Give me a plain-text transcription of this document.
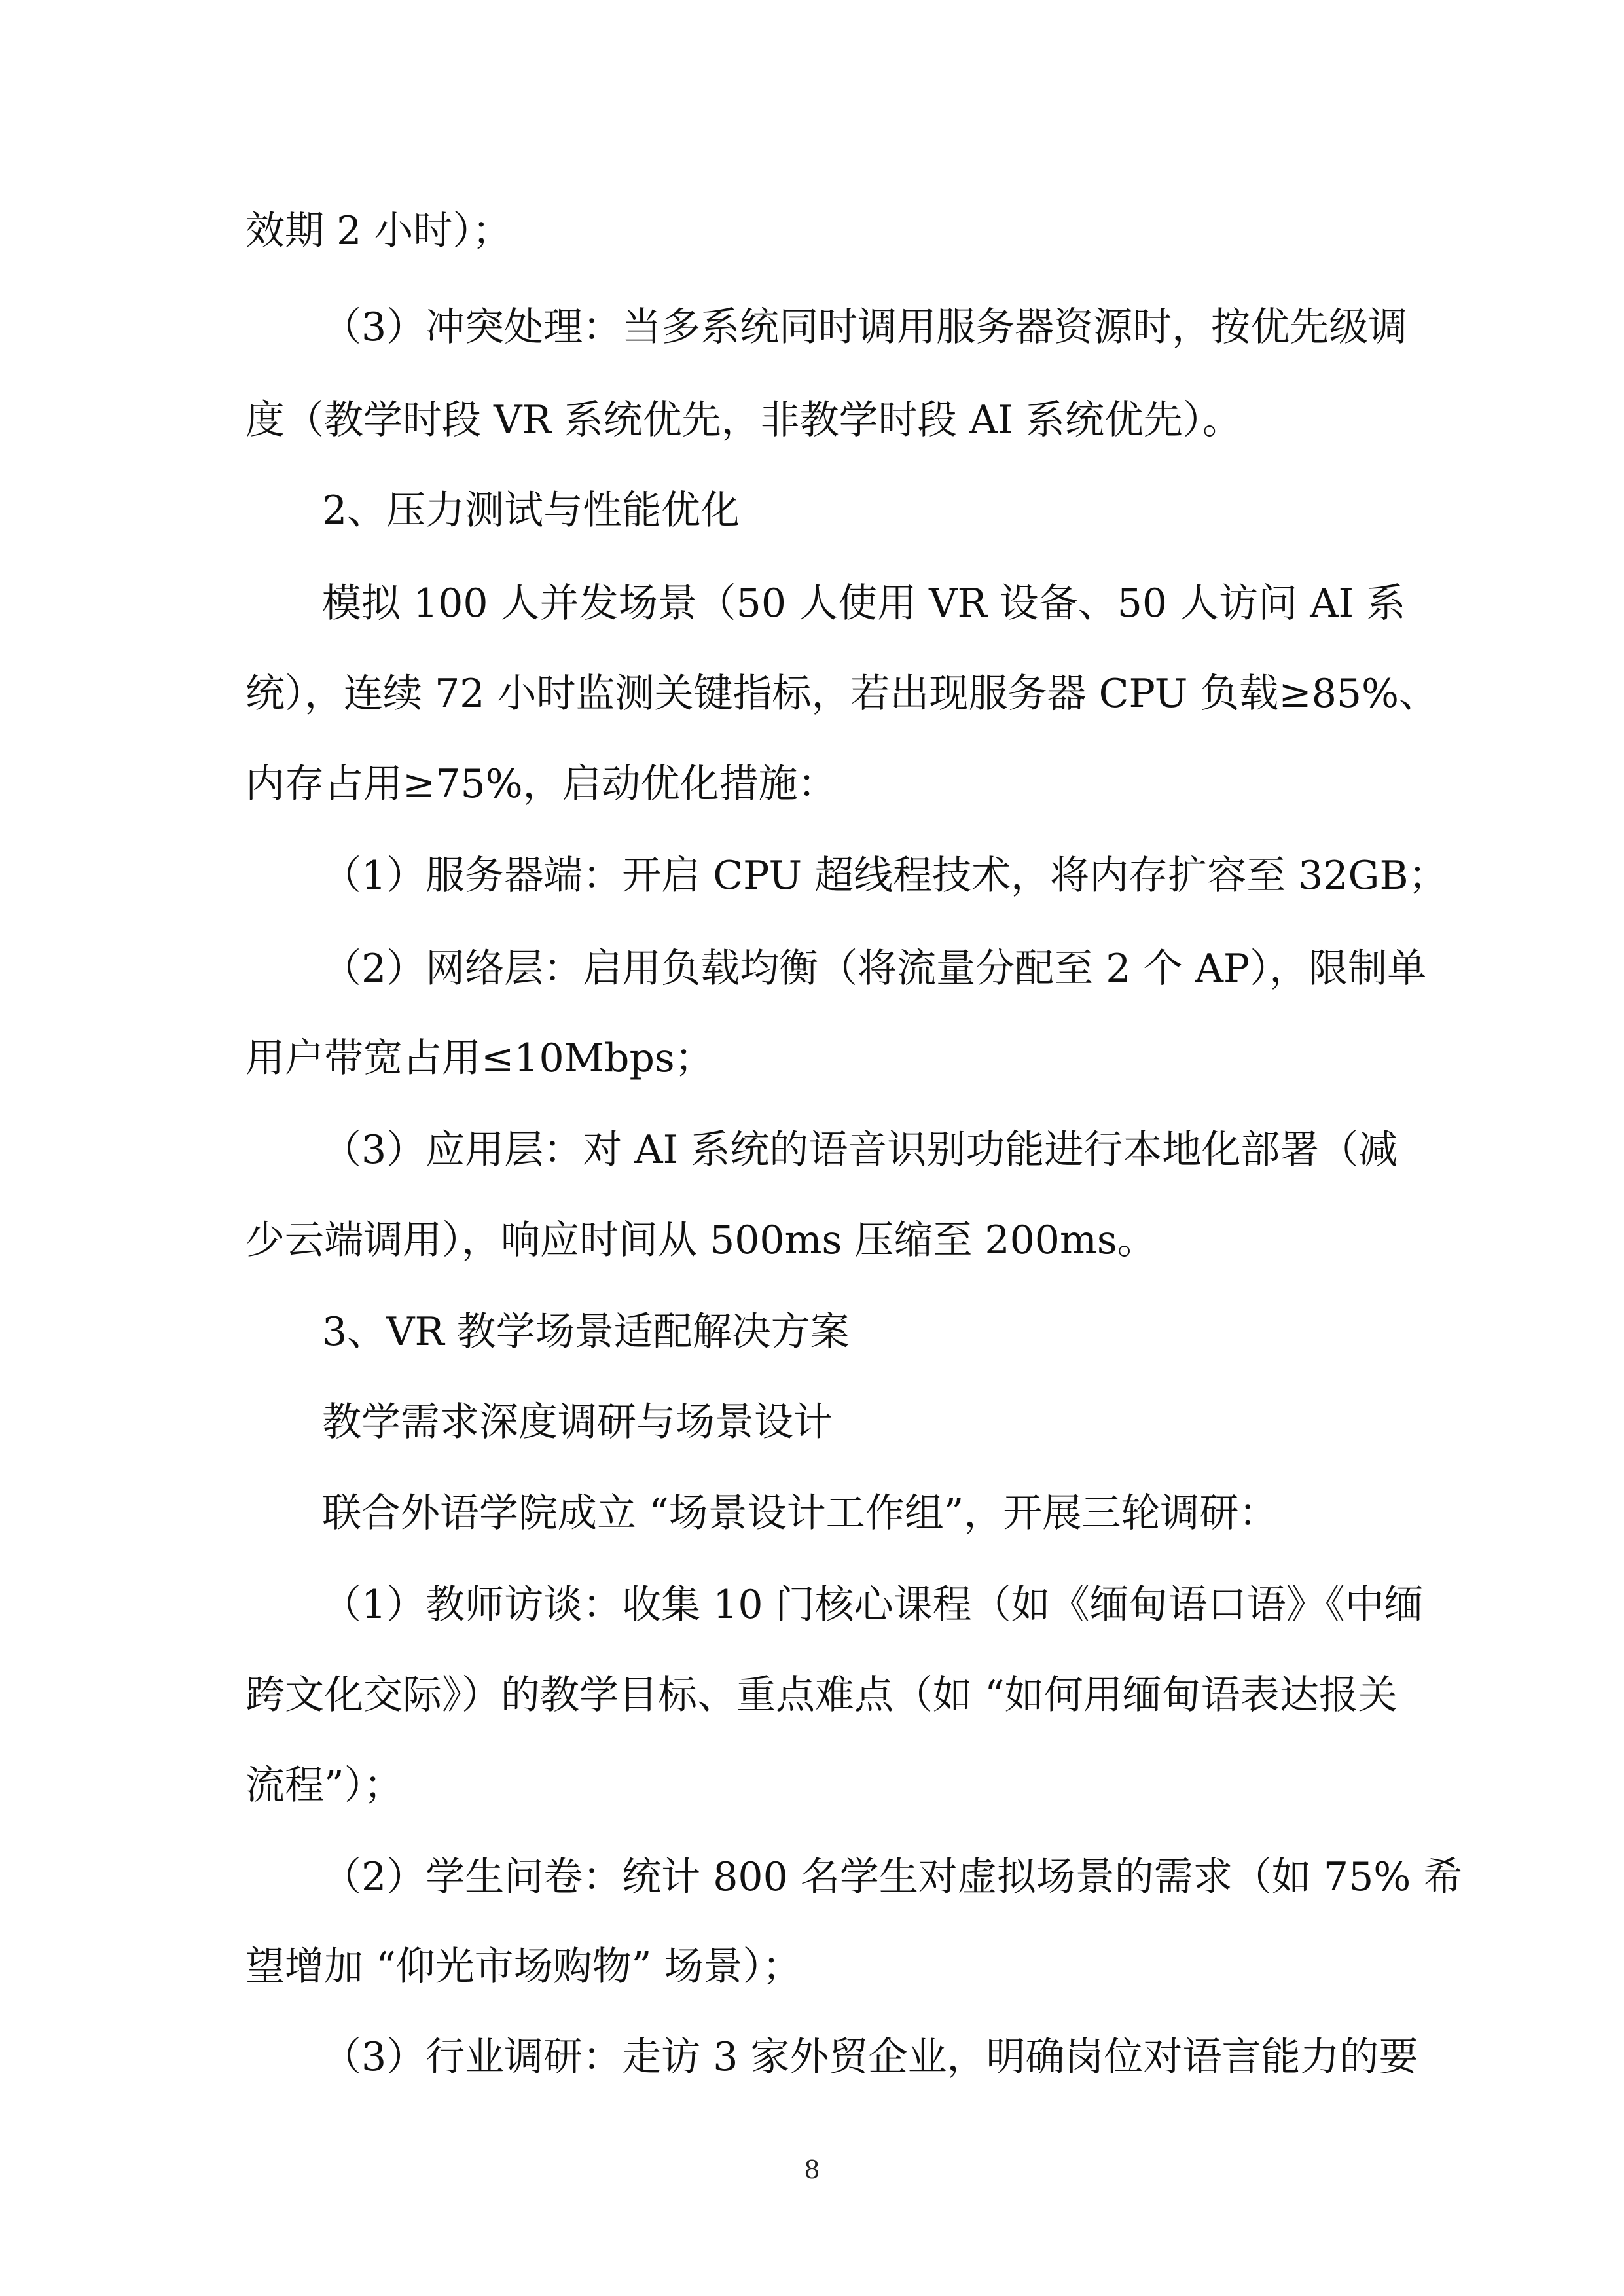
效期 2 小时）；
（3）冲突处理：当多系统同时调用服务器资源时，按优先级调
度（教学时段 VR 系统优先，非教学时段 AI 系统优先）。
2、压力测试与性能优化
模拟 100 人并发场景（50 人使用 VR 设备、50 人访问 AI 系
统），连续 72 小时监测关键指标，若出现服务器 CPU 负载≥85%、
内存占用≥75%，启动优化措施：
（1）服务器端：开启 CPU 超线程技术，将内存扩容至 32GB；
（2）网络层：启用负载均衡（将流量分配至 2 个 AP），限制单
用户带宽占用≤10Mbps；
（3）应用层：对 AI 系统的语音识别功能进行本地化部署（减
少云端调用），响应时间从 500ms 压缩至 200ms。
3、VR 教学场景适配解决方案
教学需求深度调研与场景设计
联合外语学院成立 “场景设计工作组”，开展三轮调研：
（1）教师访谈：收集 10 门核心课程（如《缅甸语口语》《中缅
跨文化交际》）的教学目标、重点难点（如 “如何用缅甸语表达报关
流程”）；
（2）学生问卷：统计 800 名学生对虚拟场景的需求（如 75% 希
望增加 “仰光市场购物” 场景）；
（3）行业调研：走访 3 家外贸企业，明确岗位对语言能力的要
8
